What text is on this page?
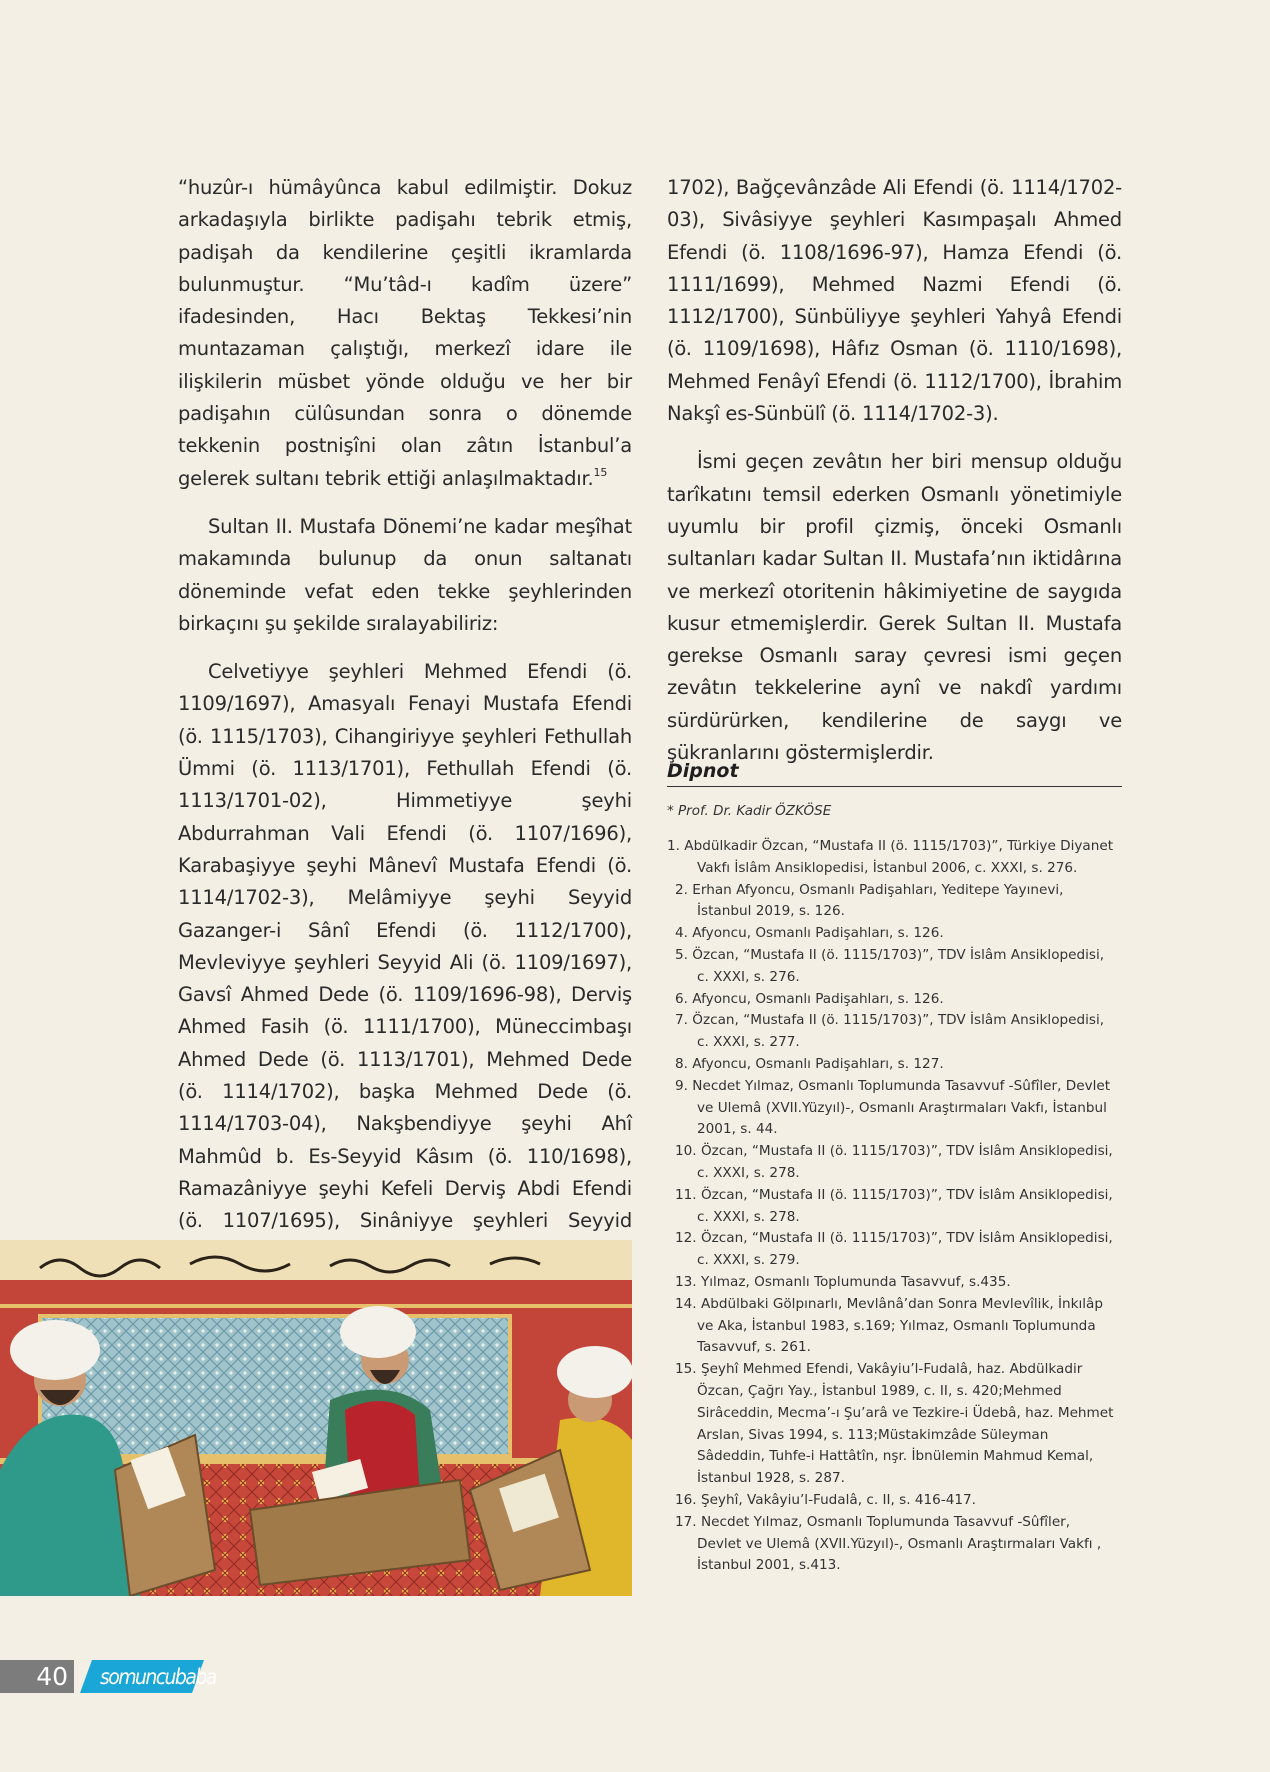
“huzûr-ı hümâyûnca kabul edilmiştir. Dokuz arkadaşıyla birlikte padişahı tebrik etmiş, padişah da kendilerine çeşitli ikramlarda bulunmuştur. “Mu’tâd-ı kadîm üzere” ifadesinden, Hacı Bektaş Tekkesi’nin muntazaman çalıştığı, merkezî idare ile ilişkilerin müsbet yönde olduğu ve her bir padişahın cülûsundan sonra o dönemde tekkenin postnişîni olan zâtın İstanbul’a gelerek sultanı tebrik ettiği anlaşılmaktadır.$^{15}$

Sultan II. Mustafa Dönemi’ne kadar meşîhat makamında bulunup da onun saltanatı döneminde vefat eden tekke şeyhlerinden birkaçını şu şekilde sıralayabiliriz:

Celvetiyye şeyhleri Mehmed Efendi (ö. 1109/1697), Amasyalı Fenayi Mustafa Efendi (ö. 1115/1703), Cihangiriyye şeyhleri Fethullah Ümmi (ö. 1113/1701), Fethullah Efendi (ö. 1113/1701-02), Himmetiyye şeyhi Abdurrahman Vali Efendi (ö. 1107/1696), Karabaşiyye şeyhi Mânevî Mustafa Efendi (ö. 1114/1702-3), Melâmiyye şeyhi Seyyid Gazanger-i Sânî Efendi (ö. 1112/1700), Mevleviyye şeyhleri Seyyid Ali (ö. 1109/1697), Gavsî Ahmed Dede (ö. 1109/1696-98), Derviş Ahmed Fasih (ö. 1111/1700), Müneccimbaşı Ahmed Dede (ö. 1113/1701), Mehmed Dede (ö. 1114/1702), başka Mehmed Dede (ö. 1114/1703-04), Nakşbendiyye şeyhi Ahî Mahmûd b. Es-Seyyid Kâsım (ö. 110/1698), Ramazâniyye şeyhi Kefeli Derviş Abdi Efendi (ö. 1107/1695), Sinâniyye şeyhleri Seyyid

1702), Bağçevânzâde Ali Efendi (ö. 1114/1702-03), Sivâsiyye şeyhleri Kasımpaşalı Ahmed Efendi (ö. 1108/1696-97), Hamza Efendi (ö. 1111/1699), Mehmed Nazmi Efendi (ö. 1112/1700), Sünbüliyye şeyhleri Yahyâ Efendi (ö. 1109/1698), Hâfız Osman (ö. 1110/1698), Mehmed Fenâyî Efendi (ö. 1112/1700), İbrahim Nakşî es-Sünbülî (ö. 1114/1702-3).

İsmi geçen zevâtın her biri mensup olduğu tarîkatını temsil ederken Osmanlı yönetimiyle uyumlu bir profil çizmiş, önceki Osmanlı sultanları kadar Sultan II. Mustafa’nın iktidârına ve merkezî otoritenin hâkimiyetine de saygıda kusur etmemişlerdir. Gerek Sultan II. Mustafa gerekse Osmanlı saray çevresi ismi geçen zevâtın tekkelerine aynî ve nakdî yardımı sürdürürken, kendilerine de saygı ve şükranlarını göstermişlerdir.

Dipnot
* Prof. Dr. Kadir ÖZKÖSE
1. Abdülkadir Özcan, “Mustafa II (ö. 1115/1703)”, Türkiye Diyanet Vakfı İslâm Ansiklopedisi, İstanbul 2006, c. XXXI, s. 276.
2. Erhan Afyoncu, Osmanlı Padişahları, Yeditepe Yayınevi, İstanbul 2019, s. 126.
4. Afyoncu, Osmanlı Padişahları, s. 126.
5. Özcan, “Mustafa II (ö. 1115/1703)”, TDV İslâm Ansiklopedisi, c. XXXI, s. 276.
6. Afyoncu, Osmanlı Padişahları, s. 126.
7. Özcan, “Mustafa II (ö. 1115/1703)”, TDV İslâm Ansiklopedisi, c. XXXI, s. 277.
8. Afyoncu, Osmanlı Padişahları, s. 127.
9. Necdet Yılmaz, Osmanlı Toplumunda Tasavvuf -Sûfîler, Devlet ve Ulemâ (XVII.Yüzyıl)-, Osmanlı Araştırmaları Vakfı, İstanbul 2001, s. 44.
10. Özcan, “Mustafa II (ö. 1115/1703)”, TDV İslâm Ansiklopedisi, c. XXXI, s. 278.
11. Özcan, “Mustafa II (ö. 1115/1703)”, TDV İslâm Ansiklopedisi, c. XXXI, s. 278.
12. Özcan, “Mustafa II (ö. 1115/1703)”, TDV İslâm Ansiklopedisi, c. XXXI, s. 279.
13. Yılmaz, Osmanlı Toplumunda Tasavvuf, s.435.
14. Abdülbaki Gölpınarlı, Mevlânâ’dan Sonra Mevlevîlik, İnkılâp ve Aka, İstanbul 1983, s.169; Yılmaz, Osmanlı Toplumunda Tasavvuf, s. 261.
15. Şeyhî Mehmed Efendi, Vakâyiu’l-Fudalâ, haz. Abdülkadir Özcan, Çağrı Yay., İstanbul 1989, c. II, s. 420;Mehmed Sirâceddin, Mecma’-ı Şu’arâ ve Tezkire-i Üdebâ, haz. Mehmet Arslan, Sivas 1994, s. 113;Müstakimzâde Süleyman Sâdeddin, Tuhfe-i Hattâtîn, nşr. İbnülemin Mahmud Kemal, İstanbul 1928, s. 287.
16. Şeyhî, Vakâyiu’l-Fudalâ, c. II, s. 416-417.
17. Necdet Yılmaz, Osmanlı Toplumunda Tasavvuf -Sûfîler, Devlet ve Ulemâ (XVII.Yüzyıl)-, Osmanlı Araştırmaları Vakfı , İstanbul 2001, s.413.
40 somuncubaba
